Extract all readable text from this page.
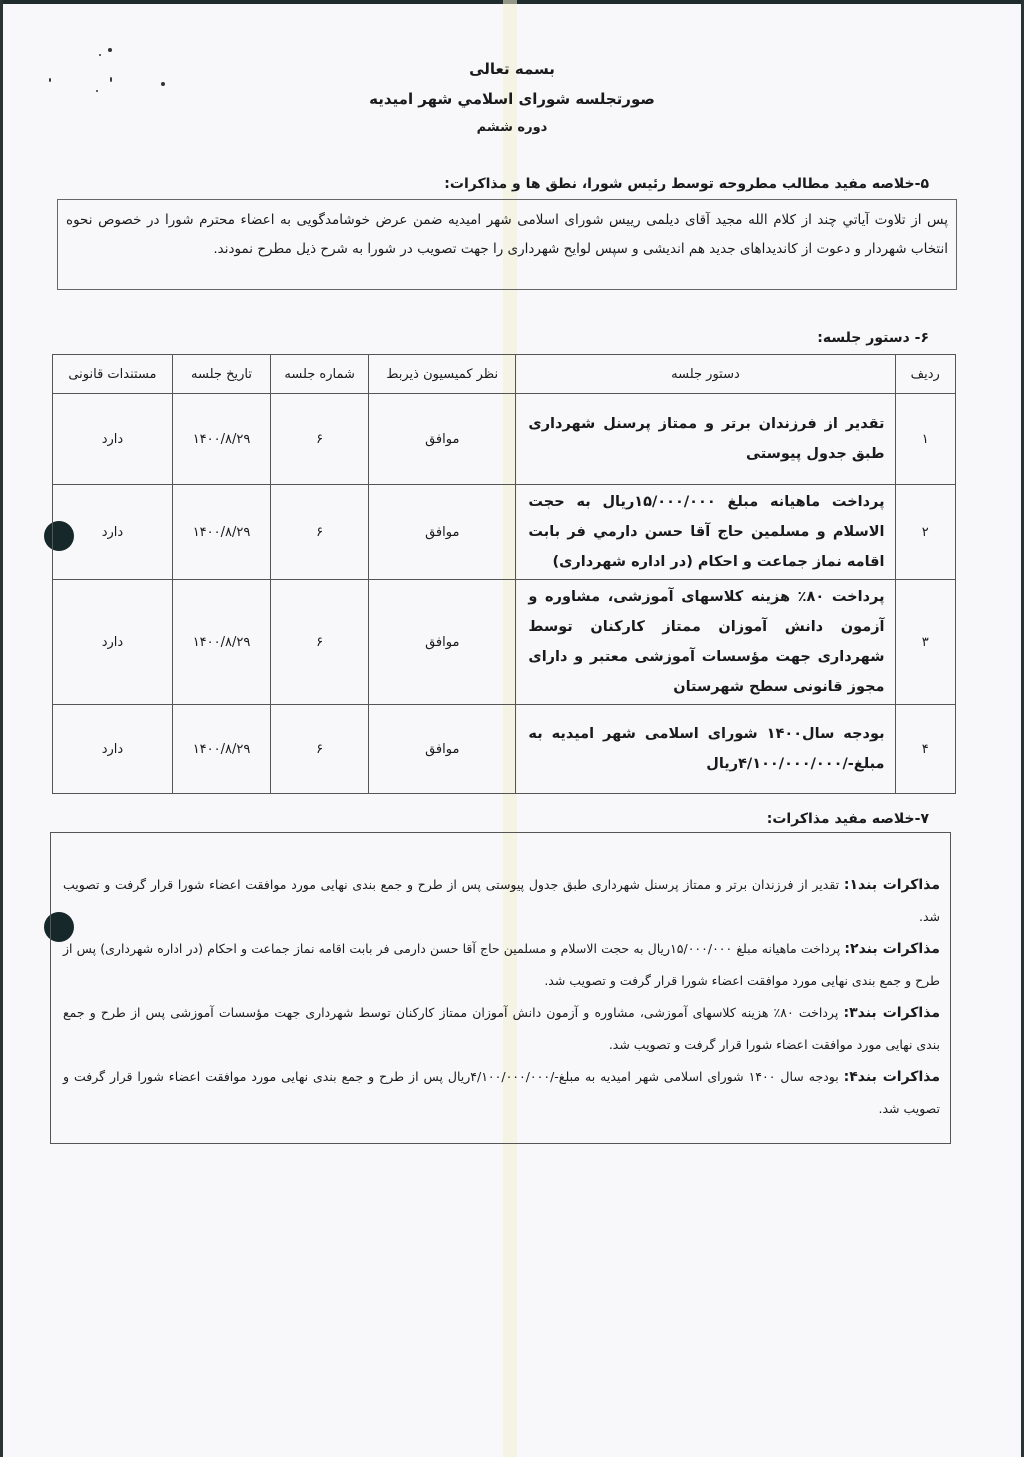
بسمه تعالی
صورتجلسه شورای اسلامي شهر امیدیه
دوره ششم
۵-خلاصه مفید مطالب مطروحه توسط رئیس شورا، نطق ها و مذاکرات:
پس از تلاوت آیاتي چند از کلام الله مجید آقای دیلمی رییس شورای اسلامی شهر امیدیه ضمن عرض خوشامدگویی به اعضاء محترم شورا در خصوص نحوه انتخاب شهردار و دعوت از کاندیداهای جدید هم اندیشی و سپس لوایح شهرداری را جهت تصویب در شورا به شرح ذیل مطرح نمودند.
۶- دستور جلسه:
ردیف	دستور جلسه	نظر کمیسیون ذیربط	شماره جلسه	تاریخ جلسه	مستندات قانونی
۱	تقدیر از فرزندان برتر و ممتاز پرسنل شهرداری طبق جدول پیوستی	موافق	۶	۱۴۰۰/۸/۲۹	دارد
۲	پرداخت ماهیانه مبلغ ۱۵/۰۰۰/۰۰۰ریال به حجت الاسلام و مسلمین حاج آقا حسن دارمي فر بابت اقامه نماز جماعت و احکام (در اداره شهرداری)	موافق	۶	۱۴۰۰/۸/۲۹	دارد
۳	پرداخت ۸۰٪ هزینه کلاسهای آموزشی، مشاوره و آزمون دانش آموزان ممتاز کارکنان توسط شهرداری جهت مؤسسات آموزشی معتبر و دارای مجوز قانونی سطح شهرستان	موافق	۶	۱۴۰۰/۸/۲۹	دارد
۴	بودجه سال۱۴۰۰ شورای اسلامی شهر امیدیه به مبلغ-/۴/۱۰۰/۰۰۰/۰۰۰ریال	موافق	۶	۱۴۰۰/۸/۲۹	دارد
۷-خلاصه مفید مذاکرات:

مذاکرات بند۱: تقدیر از فرزندان برتر و ممتاز پرسنل شهرداری طبق جدول پیوستی پس از طرح و جمع بندی نهایی مورد موافقت اعضاء شورا قرار گرفت و تصویب شد.

مذاکرات بند۲: پرداخت ماهیانه مبلغ ۱۵/۰۰۰/۰۰۰ریال به حجت الاسلام و مسلمین حاج آقا حسن دارمی فر بابت اقامه نماز جماعت و احکام (در اداره شهرداری) پس از طرح و جمع بندی نهایی مورد موافقت اعضاء شورا قرار گرفت و تصویب شد.

مذاکرات بند۳: پرداخت ۸۰٪ هزینه کلاسهای آموزشی، مشاوره و آزمون دانش آموزان ممتاز کارکنان توسط شهرداری جهت مؤسسات آموزشی پس از طرح و جمع بندی نهایی مورد موافقت اعضاء شورا قرار گرفت و تصویب شد.

مذاکرات بند۴: بودجه سال ۱۴۰۰ شورای اسلامی شهر امیدیه به مبلغ-/۴/۱۰۰/۰۰۰/۰۰۰ریال پس از طرح و جمع بندی نهایی مورد موافقت اعضاء شورا قرار گرفت و تصویب شد.
